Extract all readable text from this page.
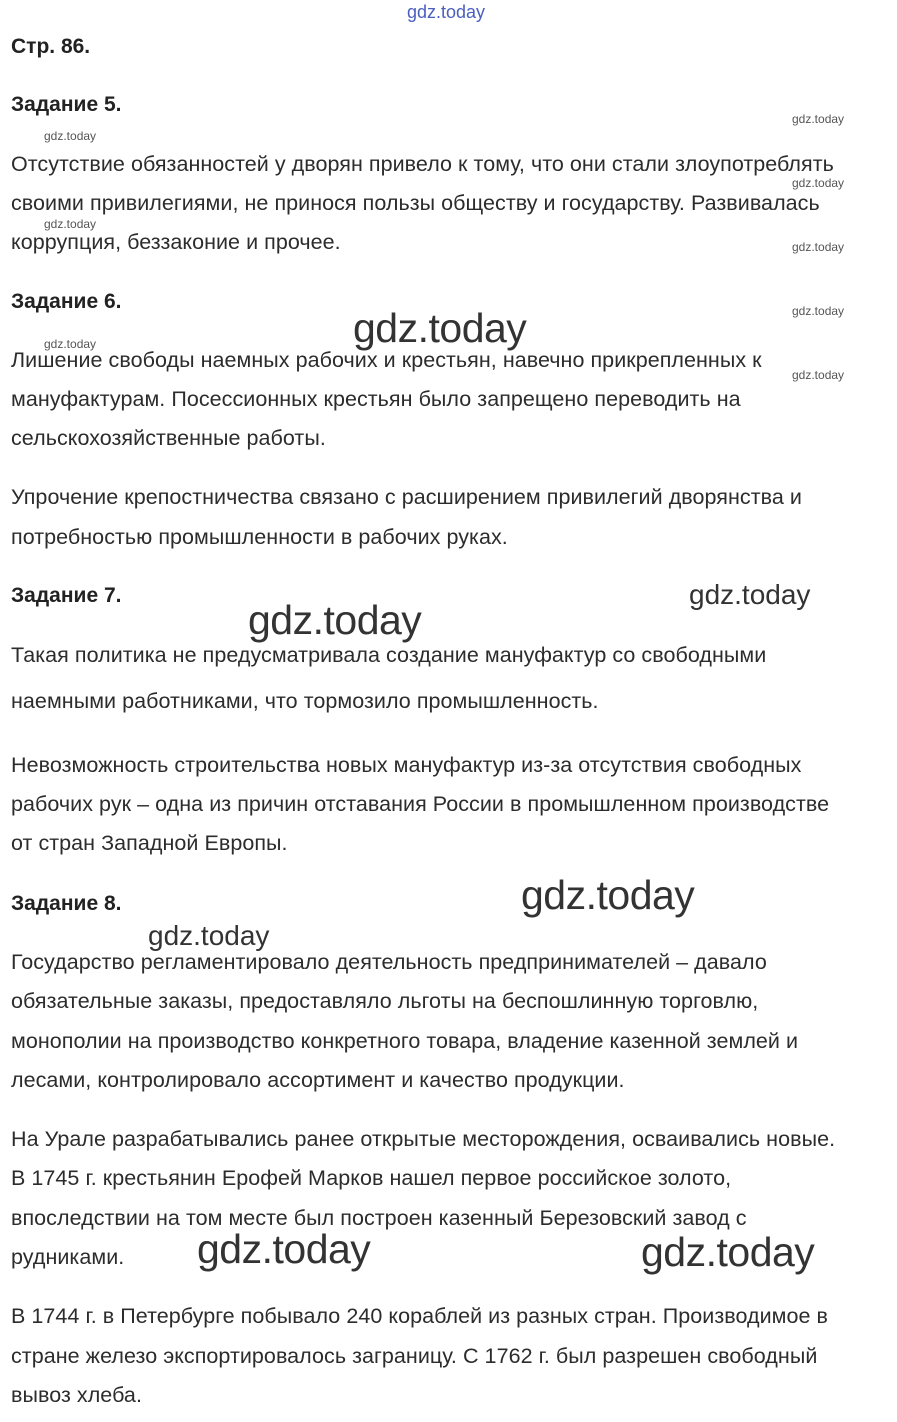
gdz.today
Стр. 86.
Задание 5.
Отсутствие обязанностей у дворян привело к тому, что они стали злоупотреблять
своими привилегиями, не принося пользы обществу и государству. Развивалась
коррупция, беззаконие и прочее.
Задание 6.
Лишение свободы наемных рабочих и крестьян, навечно прикрепленных к
мануфактурам. Посессионных крестьян было запрещено переводить на
сельскохозяйственные работы.
Упрочение крепостничества связано с расширением привилегий дворянства и
потребностью промышленности в рабочих руках.
Задание 7.
Такая политика не предусматривала создание мануфактур со свободными
наемными работниками, что тормозило промышленность.
Невозможность строительства новых мануфактур из-за отсутствия свободных
рабочих рук – одна из причин отставания России в промышленном производстве
от стран Западной Европы.
Задание 8.
Государство регламентировало деятельность предпринимателей – давало
обязательные заказы, предоставляло льготы на беспошлинную торговлю,
монополии на производство конкретного товара, владение казенной землей и
лесами, контролировало ассортимент и качество продукции.
На Урале разрабатывались ранее открытые месторождения, осваивались новые.
В 1745 г. крестьянин Ерофей Марков нашел первое российское золото,
впоследствии на том месте был построен казенный Березовский завод с
рудниками.
В 1744 г. в Петербурге побывало 240 кораблей из разных стран. Производимое в
стране железо экспортировалось заграницу. С 1762 г. был разрешен свободный
вывоз хлеба.
gdz.today
gdz.today
gdz.today
gdz.today
gdz.today
gdz.today
gdz.today
gdz.today
gdz.today
gdz.today
gdz.today
gdz.today	gdz.today
gdz.today
gdz.today
